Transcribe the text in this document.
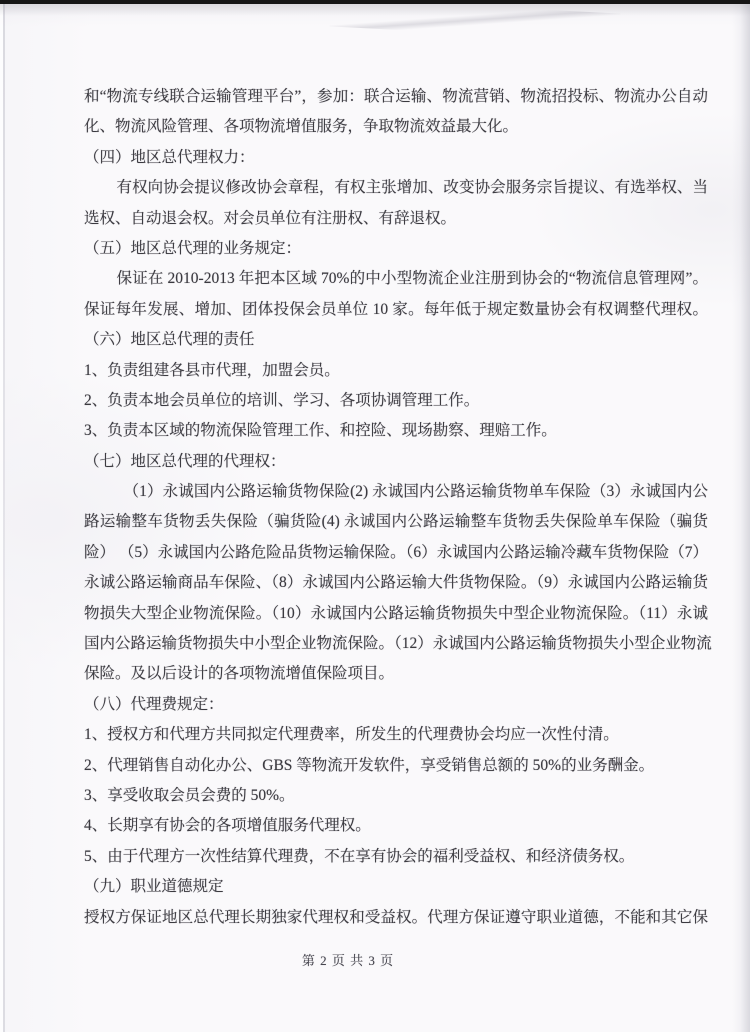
和“物流专线联合运输管理平台”，参加：联合运输、物流营销、物流招投标、物流办公自动
化、物流风险管理、各项物流增值服务，争取物流效益最大化。
（四）地区总代理权力：
有权向协会提议修改协会章程，有权主张增加、改变协会服务宗旨提议、有选举权、当
选权、自动退会权。对会员单位有注册权、有辞退权。
（五）地区总代理的业务规定：
保证在 2010-2013 年把本区域 70%的中小型物流企业注册到协会的“物流信息管理网”。
保证每年发展、增加、团体投保会员单位 10 家。每年低于规定数量协会有权调整代理权。
（六）地区总代理的责任
1、负责组建各县市代理，加盟会员。
2、负责本地会员单位的培训、学习、各项协调管理工作。
3、负责本区域的物流保险管理工作、和控险、现场勘察、理赔工作。
（七）地区总代理的代理权：
（1）永诚国内公路运输货物保险(2) 永诚国内公路运输货物单车保险（3）永诚国内公
路运输整车货物丢失保险（骗货险(4) 永诚国内公路运输整车货物丢失保险单车保险（骗货
险） （5）永诚国内公路危险品货物运输保险。（6）永诚国内公路运输冷藏车货物保险（7）
永诚公路运输商品车保险、（8）永诚国内公路运输大件货物保险。（9）永诚国内公路运输货
物损失大型企业物流保险。（10）永诚国内公路运输货物损失中型企业物流保险。（11）永诚
国内公路运输货物损失中小型企业物流保险。（12）永诚国内公路运输货物损失小型企业物流
保险。及以后设计的各项物流增值保险项目。
（八）代理费规定：
1、授权方和代理方共同拟定代理费率，所发生的代理费协会均应一次性付清。
2、代理销售自动化办公、GBS 等物流开发软件，享受销售总额的 50%的业务酬金。
3、享受收取会员会费的 50%。
4、长期享有协会的各项增值服务代理权。
5、由于代理方一次性结算代理费，不在享有协会的福利受益权、和经济债务权。
（九）职业道德规定
授权方保证地区总代理长期独家代理权和受益权。代理方保证遵守职业道德，不能和其它保
第 2 页 共 3 页
